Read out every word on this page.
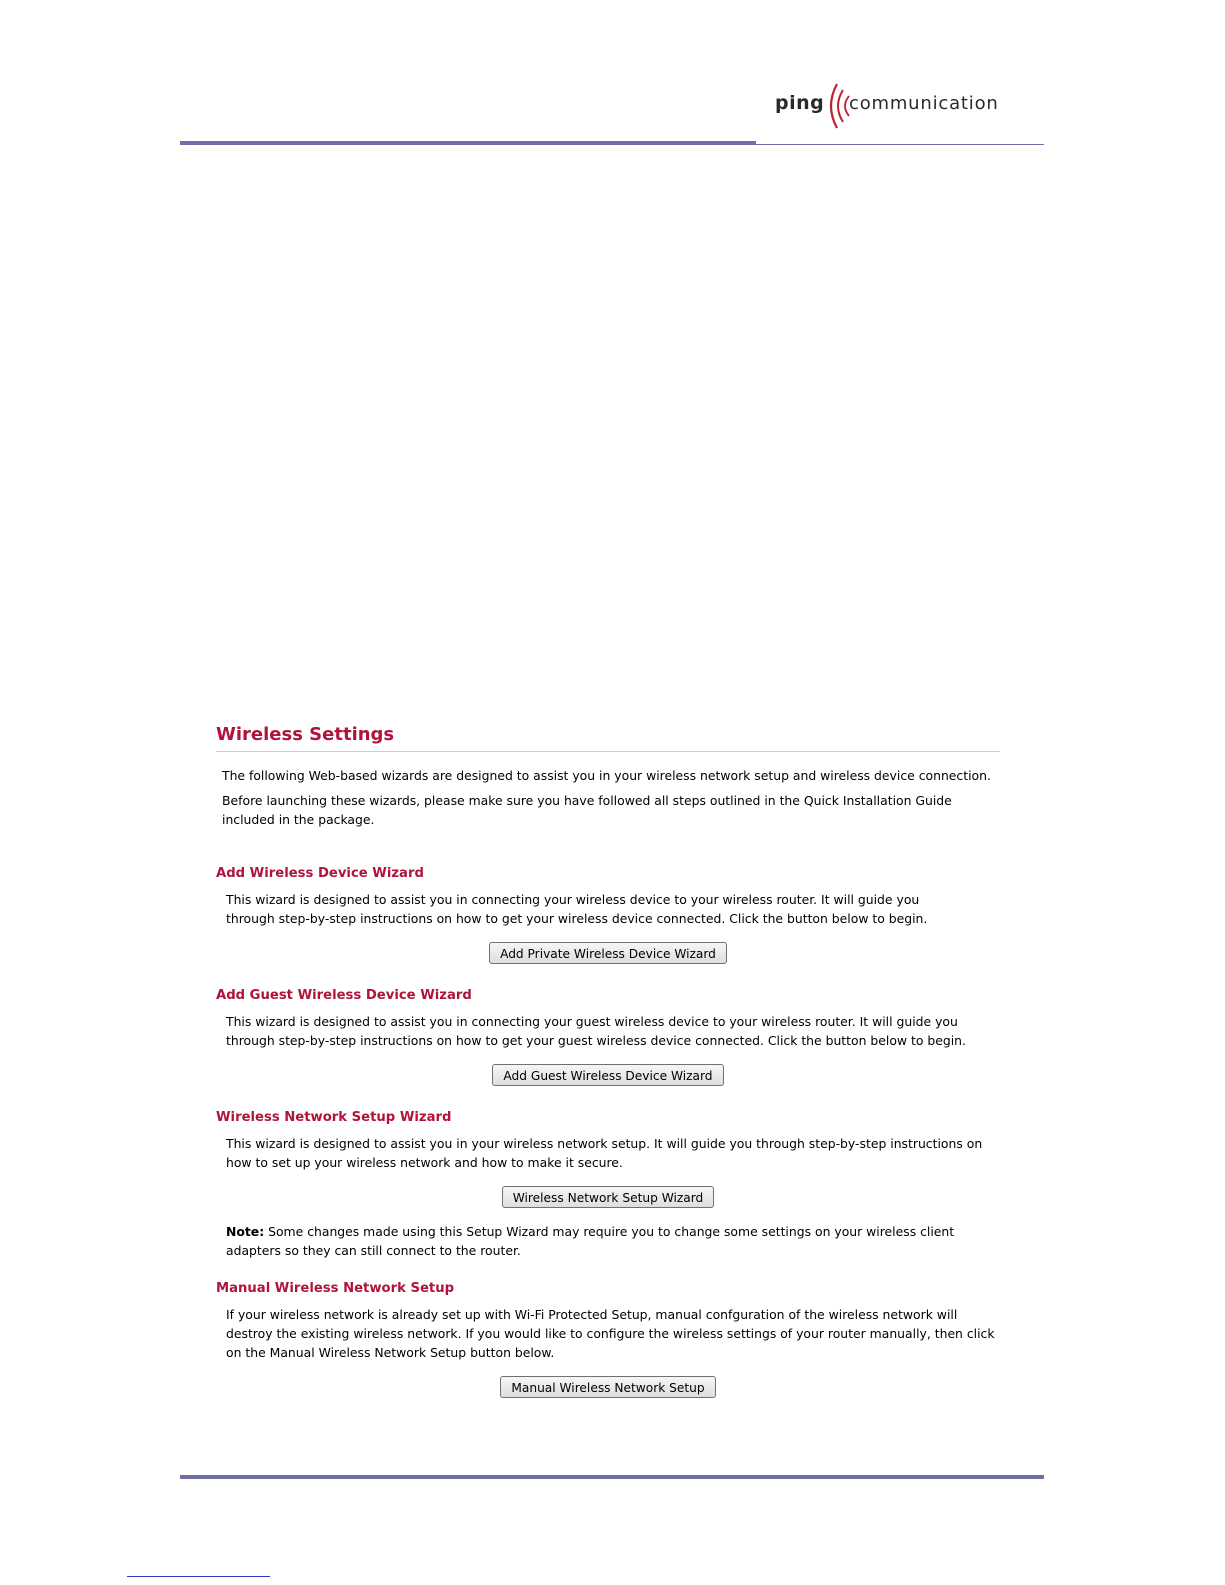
ping communication
Wireless Settings

The following Web-based wizards are designed to assist you in your wireless network setup and wireless device connection.

Before launching these wizards, please make sure you have followed all steps outlined in the Quick Installation Guide included in the package.

Add Wireless Device Wizard

This wizard is designed to assist you in connecting your wireless device to your wireless router. It will guide you through step-by-step instructions on how to get your wireless device connected. Click the button below to begin.

Add Private Wireless Device Wizard
Add Guest Wireless Device Wizard

This wizard is designed to assist you in connecting your guest wireless device to your wireless router. It will guide you through step-by-step instructions on how to get your guest wireless device connected. Click the button below to begin.

Add Guest Wireless Device Wizard
Wireless Network Setup Wizard

This wizard is designed to assist you in your wireless network setup. It will guide you through step-by-step instructions on how to set up your wireless network and how to make it secure.

Wireless Network Setup Wizard

Note: Some changes made using this Setup Wizard may require you to change some settings on your wireless client adapters so they can still connect to the router.

Manual Wireless Network Setup

If your wireless network is already set up with Wi-Fi Protected Setup, manual confguration of the wireless network will destroy the existing wireless network. If you would like to configure the wireless settings of your router manually, then click on the Manual Wireless Network Setup button below.

Manual Wireless Network Setup
